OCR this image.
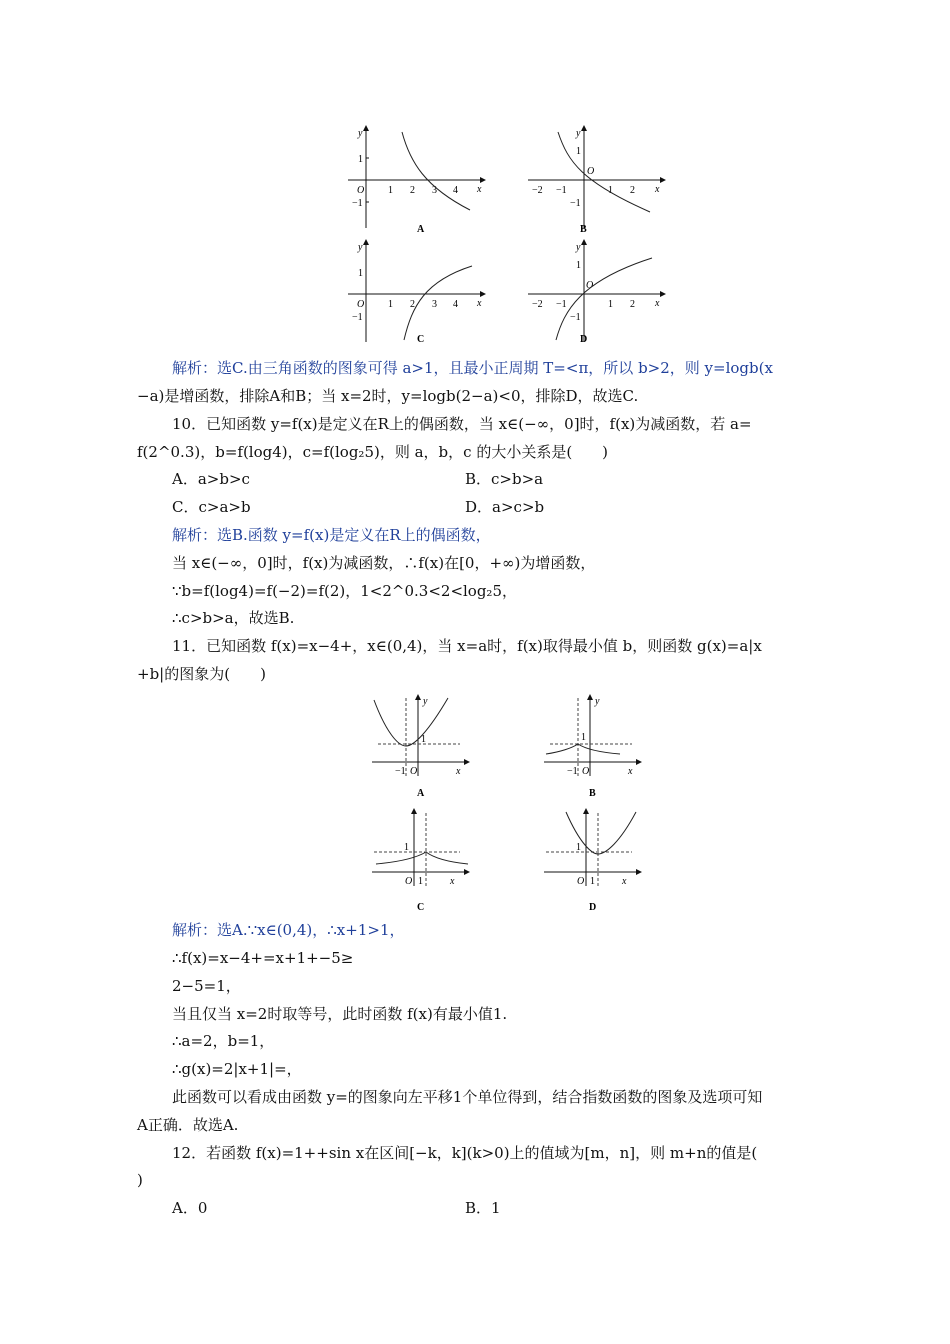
x
y
O
1
−1
1 2 3 4
A
x
y
O
1
−1
−2 −1	1 2
B
x
y
O
1
−1
1 2 3 4
C
x
y
O
1
−1
−2 −1	1 2
D
解析：选C.由三角函数的图象可得 a>1，且最小正周期 T=<π，所以 b>2，则 y=logb(x
−a)是增函数，排除A和B；当 x=2时，y=logb(2−a)<0，排除D，故选C.
10．已知函数 y=f(x)是定义在R上的偶函数，当 x∈(−∞，0]时，f(x)为减函数，若 a=
f(2^0.3)，b=f(log4)，c=f(log₂5)，则 a，b，c 的大小关系是(　　)
A．a>b>c	B．c>b>a
C．c>a>b	D．a>c>b
解析：选B.函数 y=f(x)是定义在R上的偶函数，
当 x∈(−∞，0]时，f(x)为减函数，∴f(x)在[0，+∞)为增函数，
∵b=f(log4)=f(−2)=f(2)，1<2^0.3<2<log₂5，
∴c>b>a，故选B.
11．已知函数 f(x)=x−4+，x∈(0,4)，当 x=a时，f(x)取得最小值 b，则函数 g(x)=a|x
+b|的图象为(　　)
x
y
−1 O
1
A
x
y
−1 O
1
B
x
O 1
1
C
x
O 1
1
D
解析：选A.∵x∈(0,4)，∴x+1>1，
∴f(x)=x−4+=x+1+−5≥
2−5=1，
当且仅当 x=2时取等号，此时函数 f(x)有最小值1.
∴a=2，b=1，
∴g(x)=2|x+1|=，
此函数可以看成由函数 y=的图象向左平移1个单位得到，结合指数函数的图象及选项可知
A正确．故选A.
12．若函数 f(x)=1++sin x在区间[−k，k](k>0)上的值域为[m，n]，则 m+n的值是(
)
A．0	B．1
